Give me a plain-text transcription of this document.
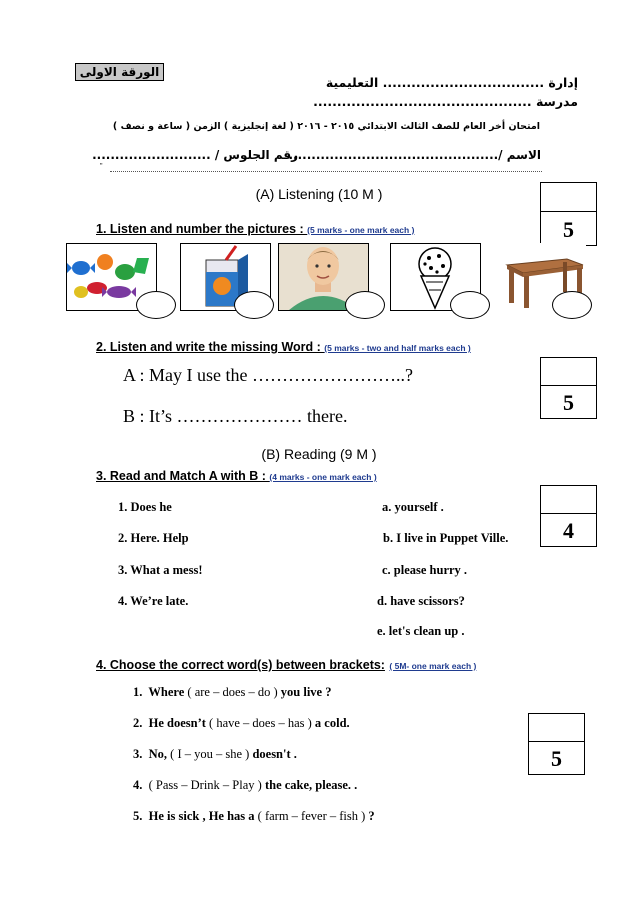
الورقة الاولى
إدارة .................................. التعليمية
مدرسة ..............................................
امتحان أخر العام للصف الثالث الابتدائي ٢٠١٥ - ٢٠١٦ ( لغة إنجليزية ) الزمن ( ساعة و نصف )
الاسم /..............................................
رقم الجلوس / ..........................
"
(A) Listening (10 M )
1. Listen and number the pictures : (5 marks - one mark each )	5
2. Listen and write the missing Word : (5 marks - two and half marks each )
A : May I use the ……………………..?
B : It’s ………………… there.
5
(B) Reading (9 M )
3. Read and Match A with B : (4 marks - one mark each )
4
1. Does he
2. Here. Help
3. What a mess!
4. We’re late.
a. yourself .
b. I live in Puppet Ville.
c. please hurry .
d. have scissors?
e. let's clean up .
4. Choose the correct word(s) between brackets: ( 5M- one mark each )
5
1. Where ( are – does – do ) you live ?
2. He doesn’t ( have – does – has ) a cold.
3. No, ( I – you – she ) doesn't .
4.  ( Pass – Drink – Play ) the cake, please. .
5. He is sick , He has a ( farm – fever – fish ) ?
